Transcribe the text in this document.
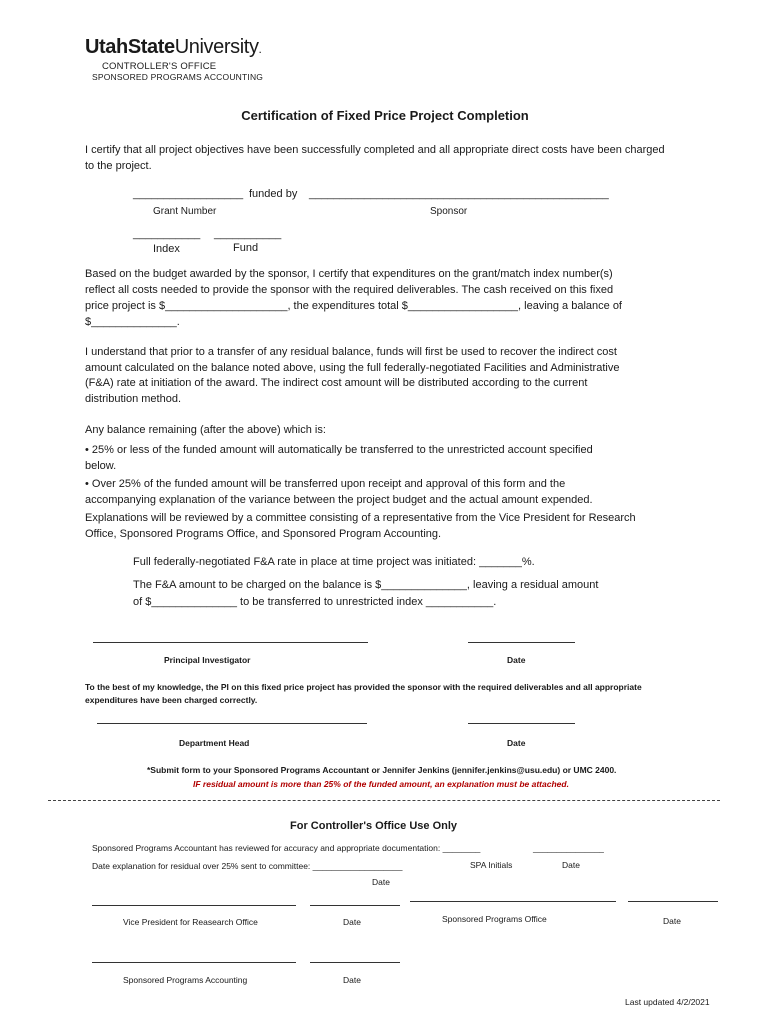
UtahStateUniversity.
CONTROLLER'S OFFICE
SPONSORED PROGRAMS ACCOUNTING
Certification of Fixed Price Project Completion
I certify that all project objectives have been successfully completed and all appropriate direct costs have been charged to the project.
__________________ funded by _________________________________________________
Grant Number	Sponsor
___________ ___________
Index	Fund
Based on the budget awarded by the sponsor, I certify that expenditures on the grant/match index number(s)
reflect all costs needed to provide the sponsor with the required deliverables. The cash received on this fixed
price project is $____________________, the expenditures total $__________________, leaving a balance of
$______________.
I understand that prior to a transfer of any residual balance, funds will first be used to recover the indirect cost
amount calculated on the balance noted above, using the full federally-negotiated Facilities and Administrative
(F&A) rate at initiation of the award. The indirect cost amount will be distributed according to the current
distribution method.
Any balance remaining (after the above) which is:
• 25% or less of the funded amount will automatically be transferred to the unrestricted account specified
below.
• Over 25% of the funded amount will be transferred upon receipt and approval of this form and the
accompanying explanation of the variance between the project budget and the actual amount expended.
Explanations will be reviewed by a committee consisting of a representative from the Vice President for Research
Office, Sponsored Programs Office, and Sponsored Program Accounting.
Full federally-negotiated F&A rate in place at time project was initiated: _______%.
The F&A amount to be charged on the balance is $______________, leaving a residual amount
of $______________ to be transferred to unrestricted index ___________.
Principal Investigator	Date
To the best of my knowledge, the PI on this fixed price project has provided the sponsor with the required deliverables and all appropriate
expenditures have been charged correctly.
Department Head	Date
*Submit form to your Sponsored Programs Accountant or Jennifer Jenkins (jennifer.jenkins@usu.edu) or UMC 2400.
IF residual amount is more than 25% of the funded amount, an explanation must be attached.
For Controller's Office Use Only
Sponsored Programs Accountant has reviewed for accuracy and appropriate documentation: ________	_______________
SPA Initials	Date
Date explanation for residual over 25% sent to committee: ___________________
Date
Vice President for Reasearch Office	Date	Sponsored Programs Office	Date
Sponsored Programs Accounting	Date
Last updated 4/2/2021
